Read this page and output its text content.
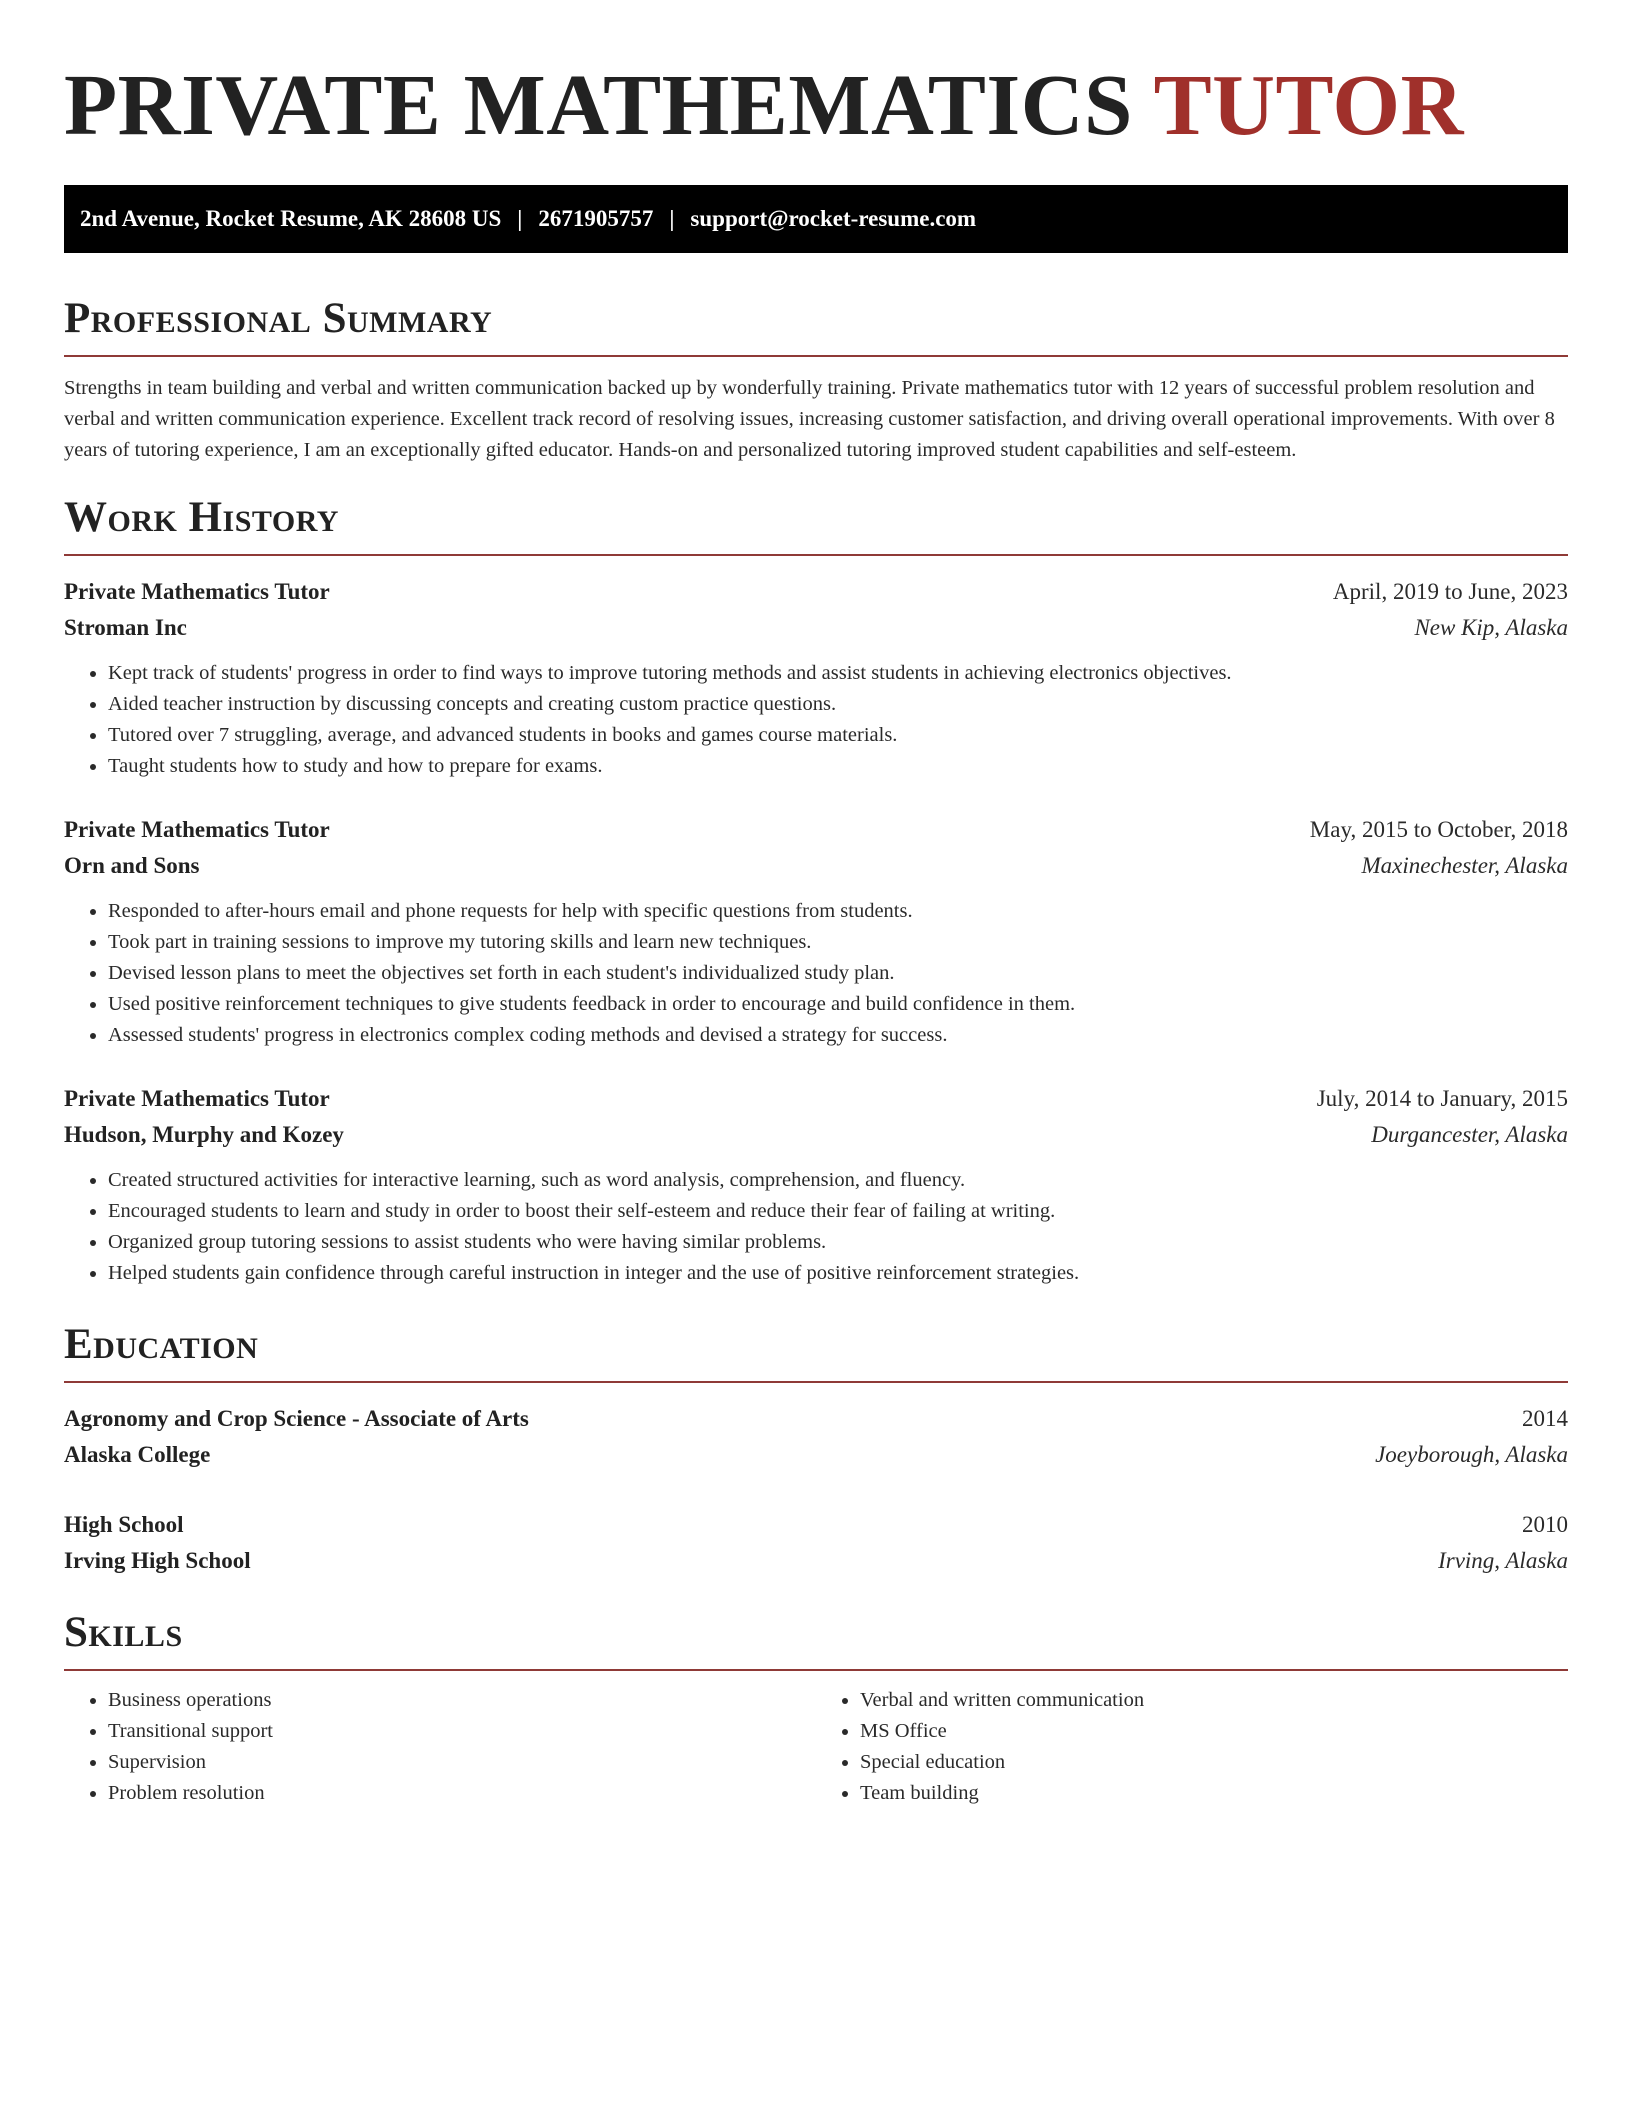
PRIVATE MATHEMATICS TUTOR
2nd Avenue, Rocket Resume, AK 28608 US | 2671905757 | support@rocket-resume.com
Professional Summary

Strengths in team building and verbal and written communication backed up by wonderfully training. Private mathematics tutor with 12 years of successful problem resolution and verbal and written communication experience. Excellent track record of resolving issues, increasing customer satisfaction, and driving overall operational improvements. With over 8 years of tutoring experience, I am an exceptionally gifted educator. Hands-on and personalized tutoring improved student capabilities and self-esteem.

Work History
Private Mathematics Tutor	April, 2019 to June, 2023
Stroman Inc	New Kip, Alaska
• Kept track of students' progress in order to find ways to improve tutoring methods and assist students in achieving electronics objectives.
• Aided teacher instruction by discussing concepts and creating custom practice questions.
• Tutored over 7 struggling, average, and advanced students in books and games course materials.
• Taught students how to study and how to prepare for exams.
Private Mathematics Tutor	May, 2015 to October, 2018
Orn and Sons	Maxinechester, Alaska
• Responded to after-hours email and phone requests for help with specific questions from students.
• Took part in training sessions to improve my tutoring skills and learn new techniques.
• Devised lesson plans to meet the objectives set forth in each student's individualized study plan.
• Used positive reinforcement techniques to give students feedback in order to encourage and build confidence in them.
• Assessed students' progress in electronics complex coding methods and devised a strategy for success.
Private Mathematics Tutor	July, 2014 to January, 2015
Hudson, Murphy and Kozey	Durgancester, Alaska
• Created structured activities for interactive learning, such as word analysis, comprehension, and fluency.
• Encouraged students to learn and study in order to boost their self-esteem and reduce their fear of failing at writing.
• Organized group tutoring sessions to assist students who were having similar problems.
• Helped students gain confidence through careful instruction in integer and the use of positive reinforcement strategies.
Education
Agronomy and Crop Science - Associate of Arts	2014
Alaska College	Joeyborough, Alaska
High School	2010
Irving High School	Irving, Alaska
Skills
• Business operations
• Transitional support
• Supervision
• Problem resolution
• Verbal and written communication
• MS Office
• Special education
• Team building
